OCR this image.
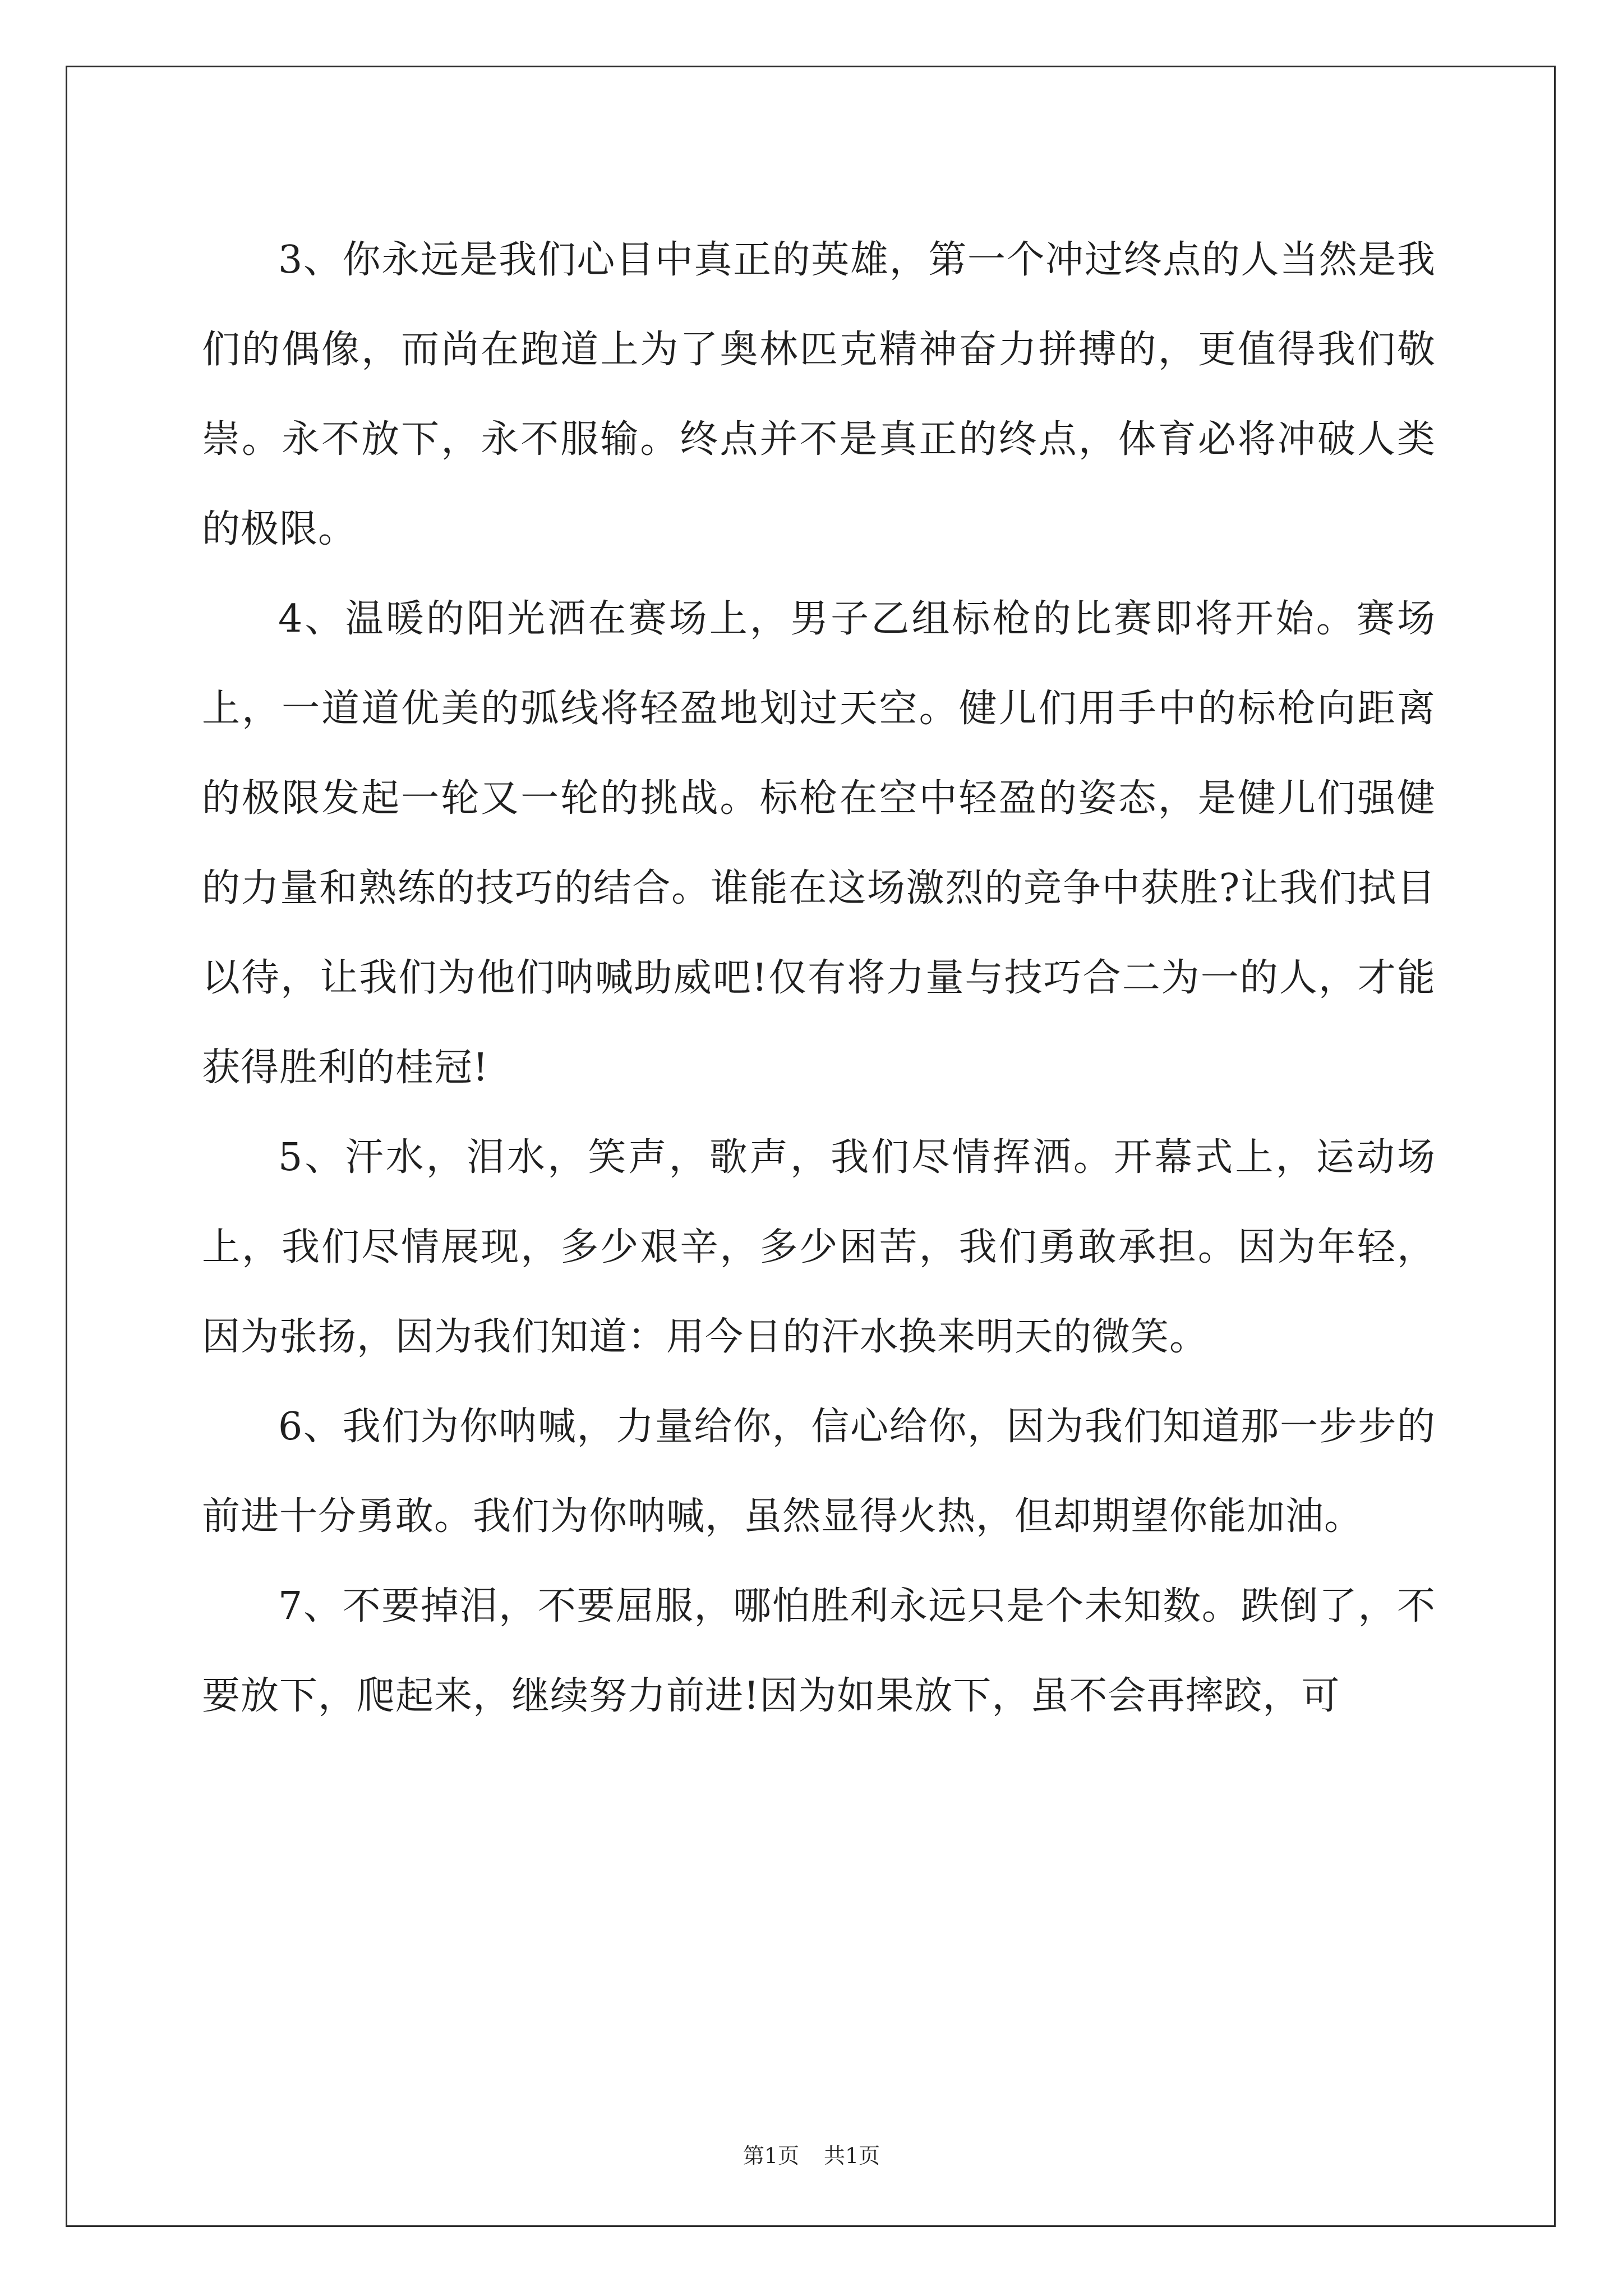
3、你永远是我们心目中真正的英雄，第一个冲过终点的人当然是我们的偶像，而尚在跑道上为了奥林匹克精神奋力拼搏的，更值得我们敬崇。永不放下，永不服输。终点并不是真正的终点，体育必将冲破人类的极限。

4、温暖的阳光洒在赛场上，男子乙组标枪的比赛即将开始。赛场上，一道道优美的弧线将轻盈地划过天空。健儿们用手中的标枪向距离的极限发起一轮又一轮的挑战。标枪在空中轻盈的姿态，是健儿们强健的力量和熟练的技巧的结合。谁能在这场激烈的竞争中获胜?让我们拭目以待，让我们为他们呐喊助威吧!仅有将力量与技巧合二为一的人，才能获得胜利的桂冠!

5、汗水，泪水，笑声，歌声，我们尽情挥洒。开幕式上，运动场上，我们尽情展现，多少艰辛，多少困苦，我们勇敢承担。因为年轻，因为张扬，因为我们知道：用今日的汗水换来明天的微笑。

6、我们为你呐喊，力量给你，信心给你，因为我们知道那一步步的前进十分勇敢。我们为你呐喊，虽然显得火热，但却期望你能加油。

7、不要掉泪，不要屈服，哪怕胜利永远只是个未知数。跌倒了，不要放下，爬起来，继续努力前进!因为如果放下，虽不会再摔跤，可

第1页 共1页
